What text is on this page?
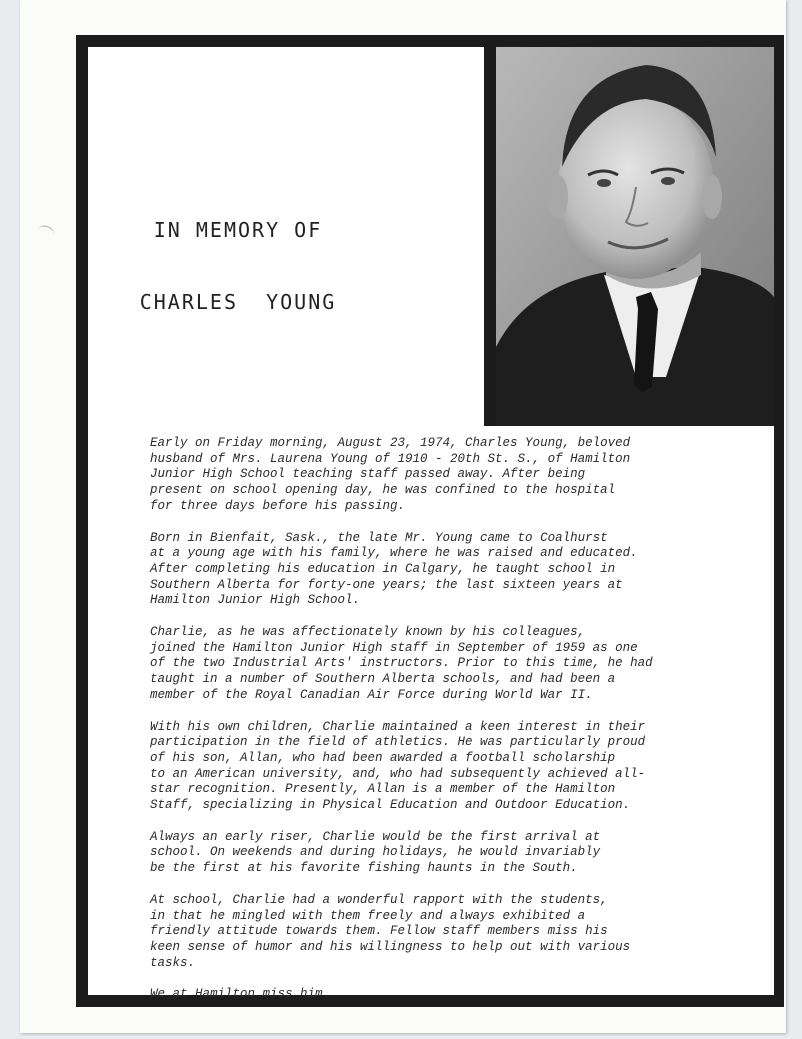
IN MEMORY OF

CHARLES  YOUNG

Early on Friday morning, August 23, 1974, Charles Young, beloved
husband of Mrs. Laurena Young of 1910 - 20th St. S., of Hamilton
Junior High School teaching staff passed away. After being
present on school opening day, he was confined to the hospital
for three days before his passing.

Born in Bienfait, Sask., the late Mr. Young came to Coalhurst
at a young age with his family, where he was raised and educated.
After completing his education in Calgary, he taught school in
Southern Alberta for forty-one years; the last sixteen years at
Hamilton Junior High School.

Charlie, as he was affectionately known by his colleagues,
joined the Hamilton Junior High staff in September of 1959 as one
of the two Industrial Arts' instructors. Prior to this time, he had
taught in a number of Southern Alberta schools, and had been a
member of the Royal Canadian Air Force during World War II.

With his own children, Charlie maintained a keen interest in their
participation in the field of athletics. He was particularly proud
of his son, Allan, who had been awarded a football scholarship
to an American university, and, who had subsequently achieved all-
star recognition. Presently, Allan is a member of the Hamilton
Staff, specializing in Physical Education and Outdoor Education.

Always an early riser, Charlie would be the first arrival at
school. On weekends and during holidays, he would invariably
be the first at his favorite fishing haunts in the South.

At school, Charlie had a wonderful rapport with the students,
in that he mingled with them freely and always exhibited a
friendly attitude towards them. Fellow staff members miss his
keen sense of humor and his willingness to help out with various
tasks.

We at Hamilton miss him.
